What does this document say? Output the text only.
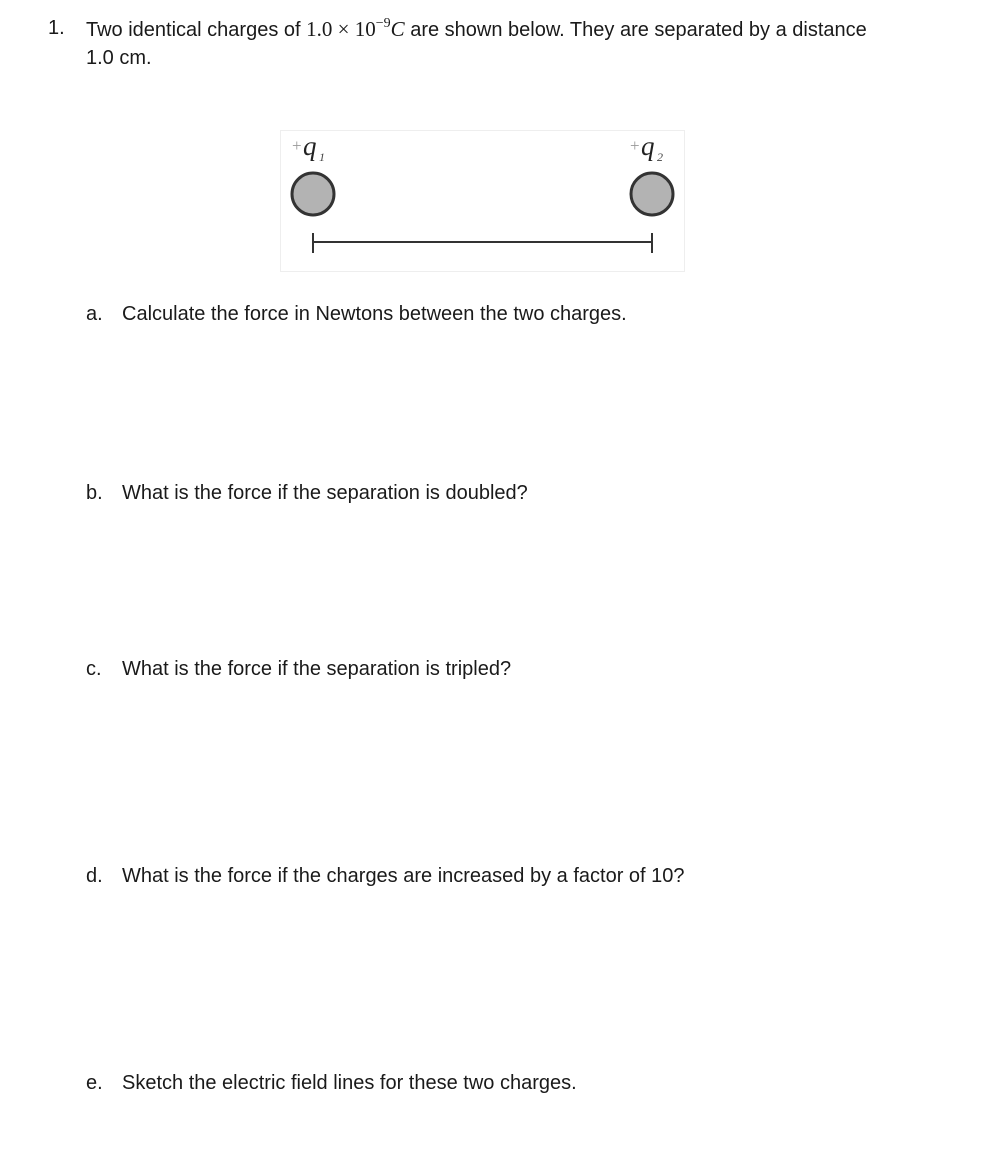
1. Two identical charges of $1.0 \times 10^{-9}C$ are shown below. They are separated by a distance
1.0 cm.
+ q 1
+ q 2
a. Calculate the force in Newtons between the two charges.
b. What is the force if the separation is doubled?
c. What is the force if the separation is tripled?
d. What is the force if the charges are increased by a factor of 10?
e. Sketch the electric field lines for these two charges.
